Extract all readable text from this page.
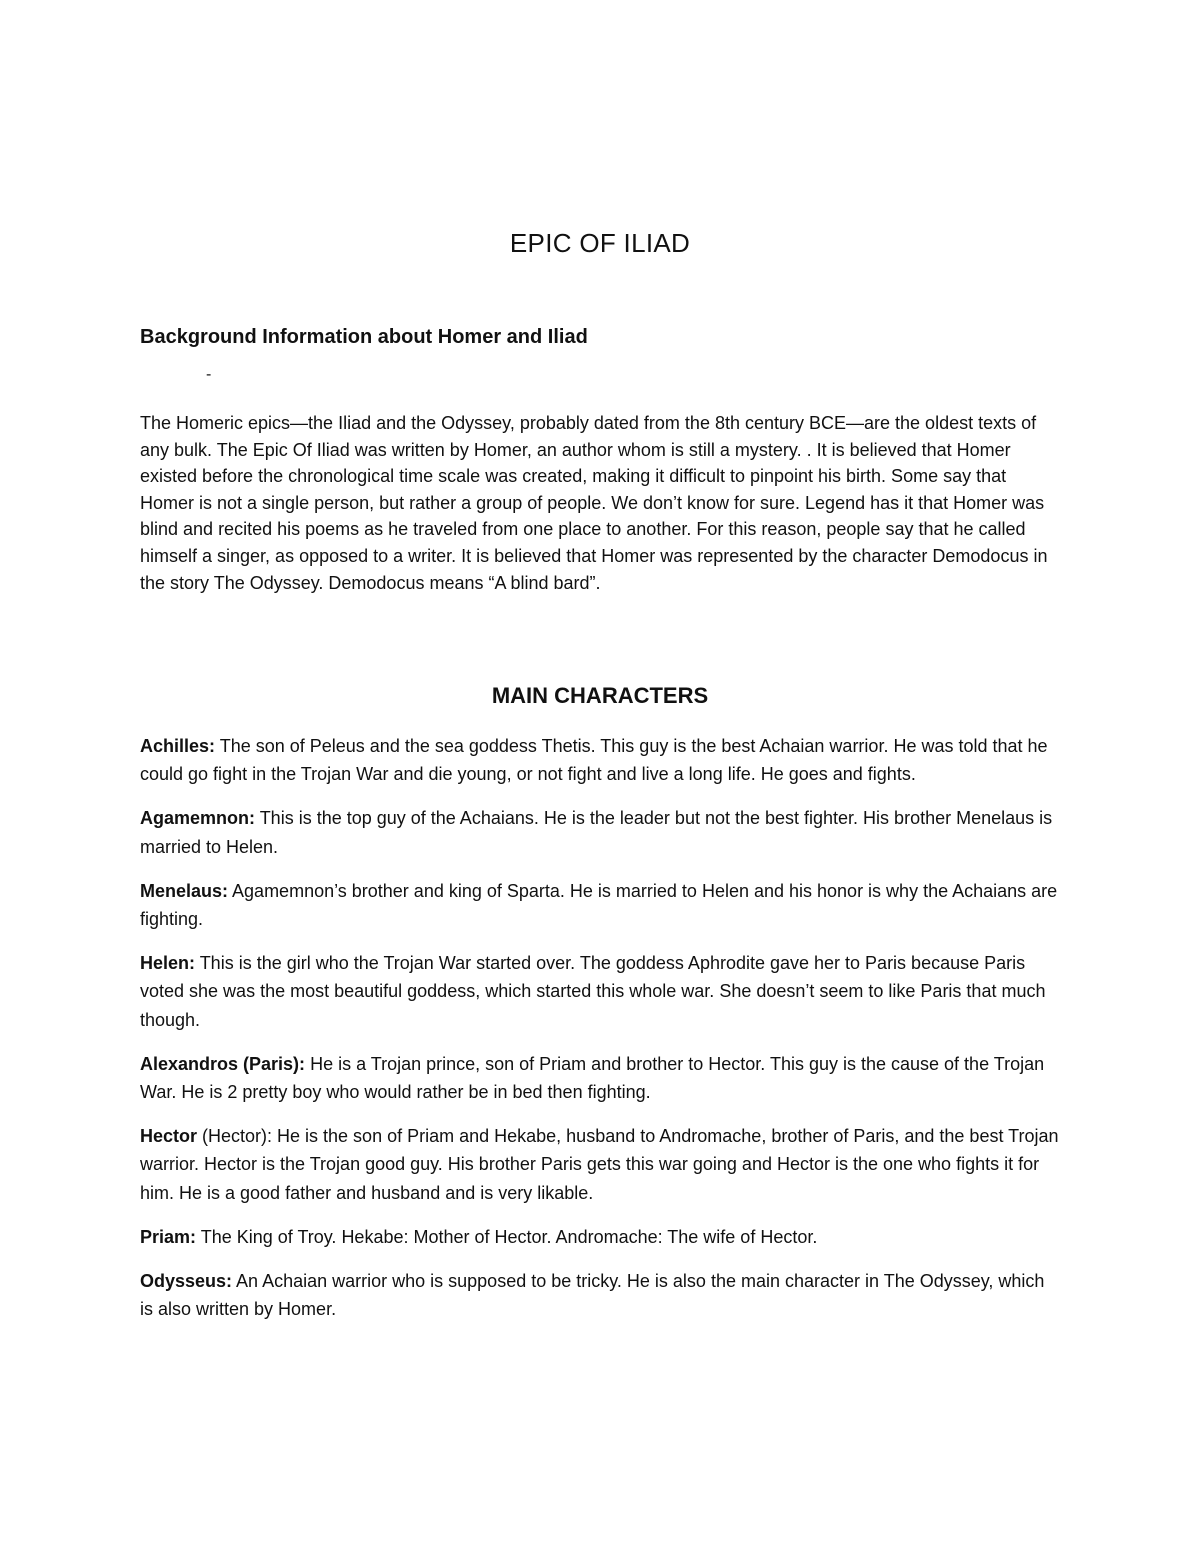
EPIC OF ILIAD
Background Information about Homer and Iliad

-

The Homeric epics—the Iliad and the Odyssey, probably dated from the 8th century BCE—are the oldest texts of any bulk. The Epic Of Iliad was written by Homer, an author whom is still a mystery. . It is believed that Homer existed before the chronological time scale was created, making it difficult to pinpoint his birth. Some say that Homer is not a single person, but rather a group of people. We don’t know for sure. Legend has it that Homer was blind and recited his poems as he traveled from one place to another. For this reason, people say that he called himself a singer, as opposed to a writer. It is believed that Homer was represented by the character Demodocus in the story The Odyssey. Demodocus means “A blind bard”.

MAIN CHARACTERS
Achilles: The son of Peleus and the sea goddess Thetis. This guy is the best Achaian warrior. He was told that he could go fight in the Trojan War and die young, or not fight and live a long life. He goes and fights.
Agamemnon: This is the top guy of the Achaians. He is the leader but not the best fighter. His brother Menelaus is married to Helen.
Menelaus: Agamemnon’s brother and king of Sparta. He is married to Helen and his honor is why the Achaians are fighting.
Helen: This is the girl who the Trojan War started over. The goddess Aphrodite gave her to Paris because Paris voted she was the most beautiful goddess, which started this whole war. She doesn’t seem to like Paris that much though.
Alexandros (Paris): He is a Trojan prince, son of Priam and brother to Hector. This guy is the cause of the Trojan War. He is 2 pretty boy who would rather be in bed then fighting.
Hector (Hector): He is the son of Priam and Hekabe, husband to Andromache, brother of Paris, and the best Trojan warrior. Hector is the Trojan good guy. His brother Paris gets this war going and Hector is the one who fights it for him. He is a good father and husband and is very likable.
Priam: The King of Troy. Hekabe: Mother of Hector. Andromache: The wife of Hector.
Odysseus: An Achaian warrior who is supposed to be tricky. He is also the main character in The Odyssey, which is also written by Homer.
